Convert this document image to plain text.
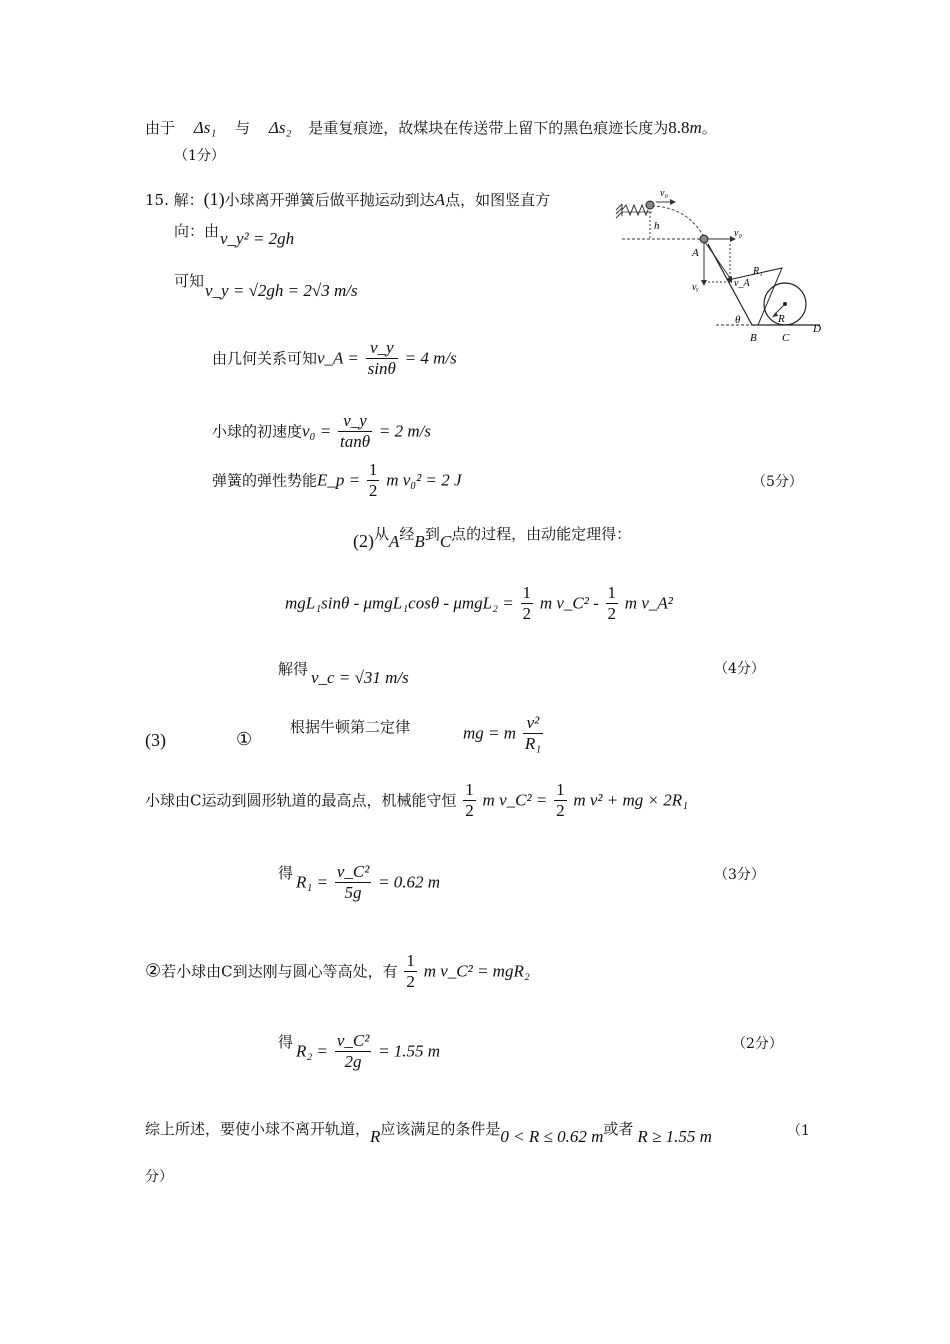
由于 Δs₁ 与 Δs₂ 是重复痕迹，故煤块在传送带上留下的黑色痕迹长度为8.8m。
（1分）
15. 解：(1)小球离开弹簧后做平抛运动到达A点，如图竖直方
向：由 v_y² = 2gh
可知 v_y = √2gh = 2√3 m/s
由几何关系可知v_A = $\frac{v\_y}{\sin\theta} = 4$ m/s
小球的初速度$v_0 = \frac{v\_y}{\tan\theta} = 2$ m/s
弹簧的弹性势能E_p = $\frac{1}{2}$ m v₀² = 2 J	（5分）
v₀
h
A
v₀
vᵧ	v_A
R₁
θ	R
B C
D
(2)从A经B到C点的过程，由动能定理得：
$mgL_1\sin\theta - \mu mgL_1\cos\theta - \mu mgL_2 = \frac{1}{2}$ m v_C² - $\frac{1}{2}$ m v_A²
解得 v_c = √31 m/s	（4分）
(3)	①
根据牛顿第二定律	mg = m $\frac{\text{v²}}{\text{R₁}}$
小球由C运动到圆形轨道的最高点，机械能守恒 $\frac{1}{2}$ m v_C² = $\frac{1}{2}$ m v² + mg × 2R₁
得 $R_1 = \frac{\text{v\_C²}}{5g} = 0.62$ m	（3分）
②若小球由C到达刚与圆心等高处，有 $\frac{1}{2}$ m v_C² = mgR₂
得 $R_2 = \frac{\text{v\_C²}}{2g} = 1.55$ m	（2分）
综上所述，要使小球不离开轨道，R应该满足的条件是0 < R ≤ 0.62 m或者 R ≥ 1.55 m	（1
分）
